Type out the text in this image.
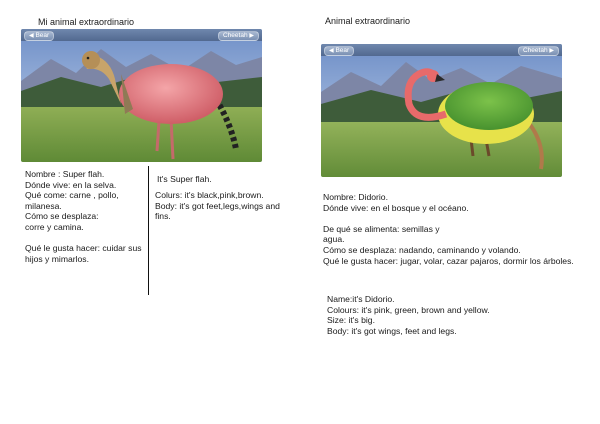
Mi animal extraordinario
◀ Bear	Cheetah ▶
Nombre : Super flah.
Dónde vive: en la selva.
Qué come: carne , pollo,
milanesa.
Cómo se desplaza:
corre y camina.
Qué le gusta hacer: cuidar sus
hijos y mimarlos.
It's Super flah.
Colurs: it's black,pink,brown.
Body: it's got feet,legs,wings and
fins.
Animal extraordinario
◀ Bear	Cheetah ▶
Nombre: Didorio.
Dónde vive: en el bosque y el océano.
De qué se alimenta: semillas y
agua.
Cómo se desplaza: nadando, caminando y volando.
Qué le gusta hacer: jugar, volar, cazar pajaros, dormir los árboles.
Name:it's Didorio.
Colours: it's pink, green, brown and yellow.
Size: it's big.
Body: it's got wings, feet and legs.
